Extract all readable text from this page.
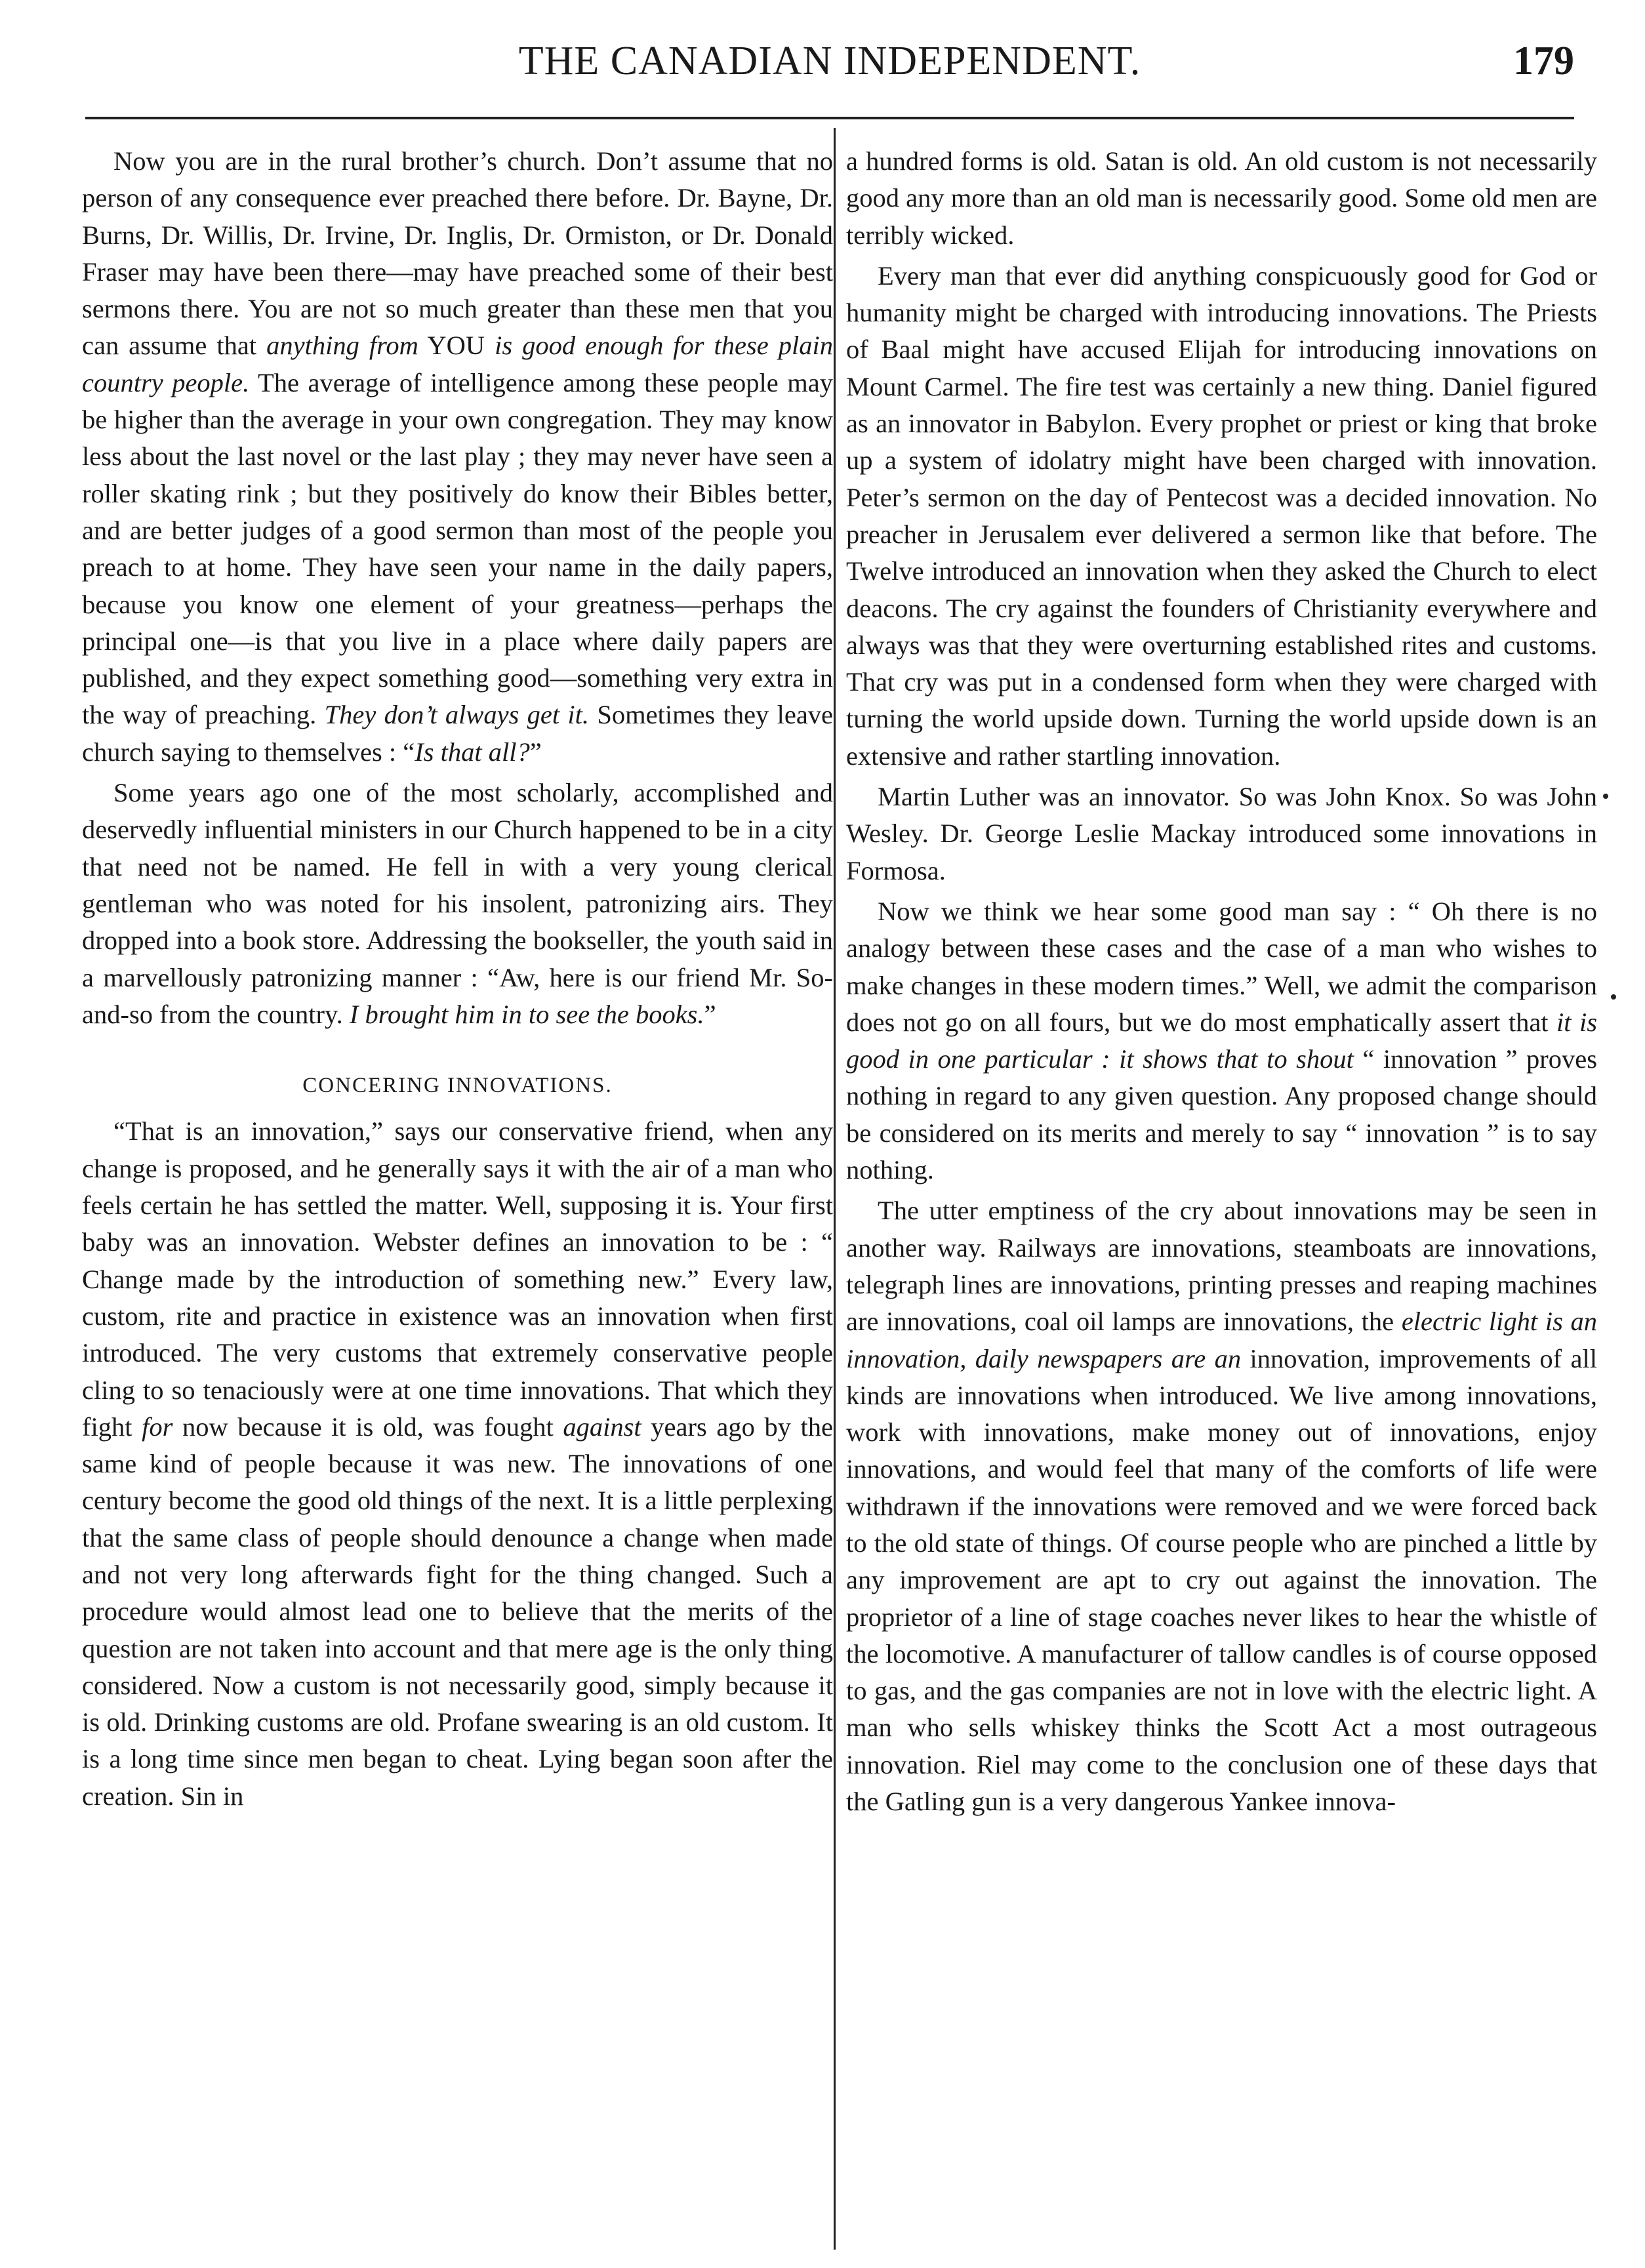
THE CANADIAN INDEPENDENT.	179

Now you are in the rural brother’s church. Don’t assume that no person of any consequence ever preached there before. Dr. Bayne, Dr. Burns, Dr. Willis, Dr. Irvine, Dr. Inglis, Dr. Ormiston, or Dr. Donald Fraser may have been there—may have preached some of their best sermons there. You are not so much greater than these men that you can assume that anything from YOU is good enough for these plain country people. The average of intelligence among these people may be higher than the average in your own congregation. They may know less about the last novel or the last play ; they may never have seen a roller skating rink ; but they positively do know their Bibles better, and are better judges of a good sermon than most of the people you preach to at home. They have seen your name in the daily papers, because you know one element of your greatness—perhaps the principal one—is that you live in a place where daily papers are published, and they expect something good—something very extra in the way of preaching. They don’t always get it. Sometimes they leave church saying to themselves : “Is that all?”

Some years ago one of the most scholarly, accomplished and deservedly influential ministers in our Church happened to be in a city that need not be named. He fell in with a very young clerical gentleman who was noted for his insolent, patronizing airs. They dropped into a book store. Addressing the bookseller, the youth said in a marvellously patronizing manner : “Aw, here is our friend Mr. So-and-so from the country. I brought him in to see the books.”

CONCERING INNOVATIONS.

“That is an innovation,” says our conservative friend, when any change is proposed, and he generally says it with the air of a man who feels certain he has settled the matter. Well, supposing it is. Your first baby was an innovation. Webster defines an innovation to be : “ Change made by the introduction of something new.” Every law, custom, rite and practice in existence was an innovation when first introduced. The very customs that extremely conservative people cling to so tenaciously were at one time innovations. That which they fight for now because it is old, was fought against years ago by the same kind of people because it was new. The innovations of one century become the good old things of the next. It is a little perplexing that the same class of people should denounce a change when made and not very long afterwards fight for the thing changed. Such a procedure would almost lead one to believe that the merits of the question are not taken into account and that mere age is the only thing considered. Now a custom is not necessarily good, simply because it is old. Drinking customs are old. Profane swearing is an old custom. It is a long time since men began to cheat. Lying began soon after the creation. Sin in

a hundred forms is old. Satan is old. An old custom is not necessarily good any more than an old man is necessarily good. Some old men are terribly wicked.

Every man that ever did anything conspicuously good for God or humanity might be charged with introducing innovations. The Priests of Baal might have accused Elijah for introducing innovations on Mount Carmel. The fire test was certainly a new thing. Daniel figured as an innovator in Babylon. Every prophet or priest or king that broke up a system of idolatry might have been charged with innovation. Peter’s sermon on the day of Pentecost was a decided innovation. No preacher in Jerusalem ever delivered a sermon like that before. The Twelve introduced an innovation when they asked the Church to elect deacons. The cry against the founders of Christianity everywhere and always was that they were overturning established rites and customs. That cry was put in a condensed form when they were charged with turning the world upside down. Turning the world upside down is an extensive and rather startling innovation.

Martin Luther was an innovator. So was John Knox. So was John Wesley. Dr. George Leslie Mackay introduced some innovations in Formosa.

Now we think we hear some good man say : “ Oh there is no analogy between these cases and the case of a man who wishes to make changes in these modern times.” Well, we admit the comparison does not go on all fours, but we do most emphatically assert that it is good in one particular : it shows that to shout “ innovation ” proves nothing in regard to any given question. Any proposed change should be considered on its merits and merely to say “ innovation ” is to say nothing.

The utter emptiness of the cry about innovations may be seen in another way. Railways are innovations, steamboats are innovations, telegraph lines are innovations, printing presses and reaping machines are innovations, coal oil lamps are innovations, the electric light is an innovation, daily newspapers are an innovation, improvements of all kinds are innovations when introduced. We live among innovations, work with innovations, make money out of innovations, enjoy innovations, and would feel that many of the comforts of life were withdrawn if the innovations were removed and we were forced back to the old state of things. Of course people who are pinched a little by any improvement are apt to cry out against the innovation. The proprietor of a line of stage coaches never likes to hear the whistle of the locomotive. A manufacturer of tallow candles is of course opposed to gas, and the gas companies are not in love with the electric light. A man who sells whiskey thinks the Scott Act a most outrageous innovation. Riel may come to the conclusion one of these days that the Gatling gun is a very dangerous Yankee innova-
